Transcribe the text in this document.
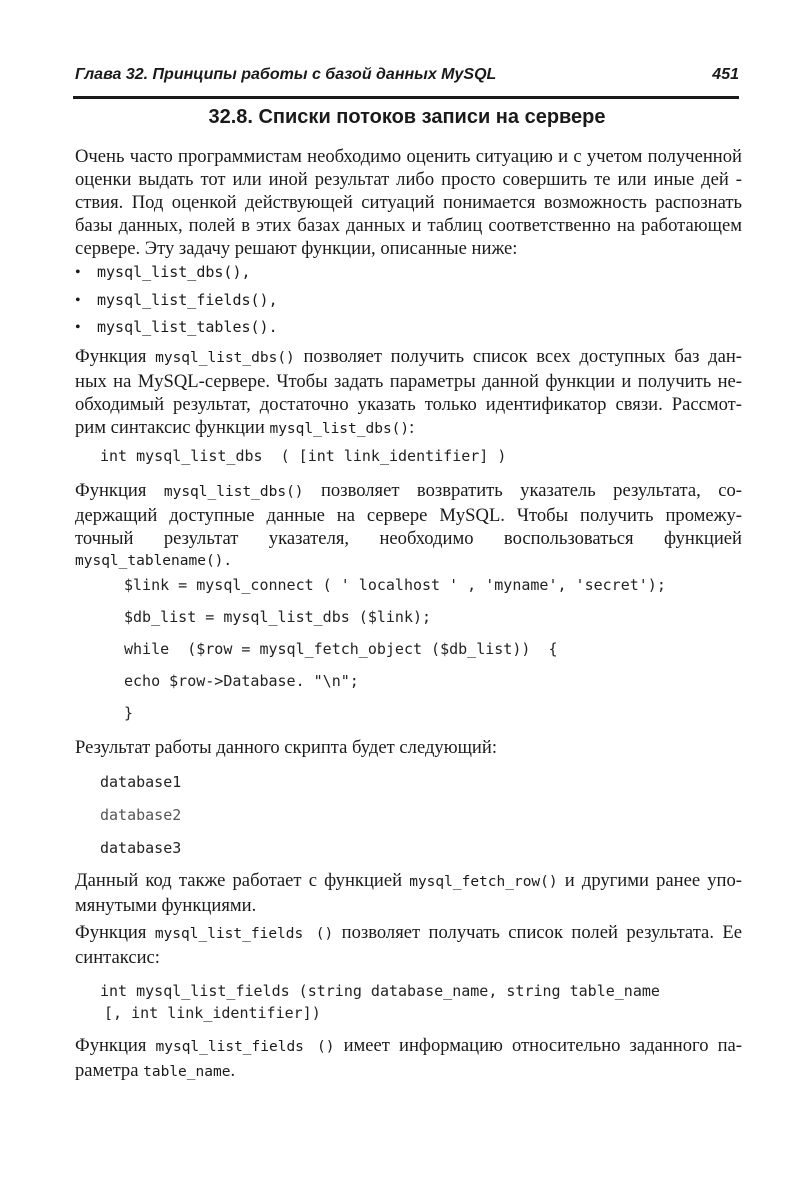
Глава 32. Принципы работы с базой данных MySQL	451
32.8. Списки потоков записи на сервере
Очень часто программистам необходимо оценить ситуацию и с учетом полученной
оценки выдать тот или иной результат либо просто совершить те или иные дей -
ствия. Под оценкой действующей ситуаций понимается возможность распознать
базы данных, полей в этих базах данных и таблиц соответственно на работающем
сервере. Эту задачу решают функции, описанные ниже:
• mysql_list_dbs(),
• mysql_list_fields(),
• mysql_list_tables().
Функция mysql_list_dbs() позволяет получить список всех доступных баз дан-
ных на MySQL-сервере. Чтобы задать параметры данной функции и получить не-
обходимый результат, достаточно указать только идентификатор связи. Рассмот-
рим синтаксис функции mysql_list_dbs():
int mysql_list_dbs  ( [int link_identifier] )
Функция mysql_list_dbs() позволяет возвратить указатель результата, со-
держащий доступные данные на сервере MySQL. Чтобы получить промежу-
точный результат указателя, необходимо воспользоваться функцией
mysql_tablename().
$link = mysql_connect ( ' localhost ' , 'myname', 'secret');
$db_list = mysql_list_dbs ($link);
while  ($row = mysql_fetch_object ($db_list))  {
echo $row->Database. "\n";
}
Результат работы данного скрипта будет следующий:
database1
database2
database3
Данный код также работает с функцией mysql_fetch_row() и другими ранее упо-
мянутыми функциями.
Функция mysql_list_fields () позволяет получать список полей результата. Ее
синтаксис:
int mysql_list_fields (string database_name, string table_name
[, int link_identifier])
Функция mysql_list_fields () имеет информацию относительно заданного па-
раметра table_name.
